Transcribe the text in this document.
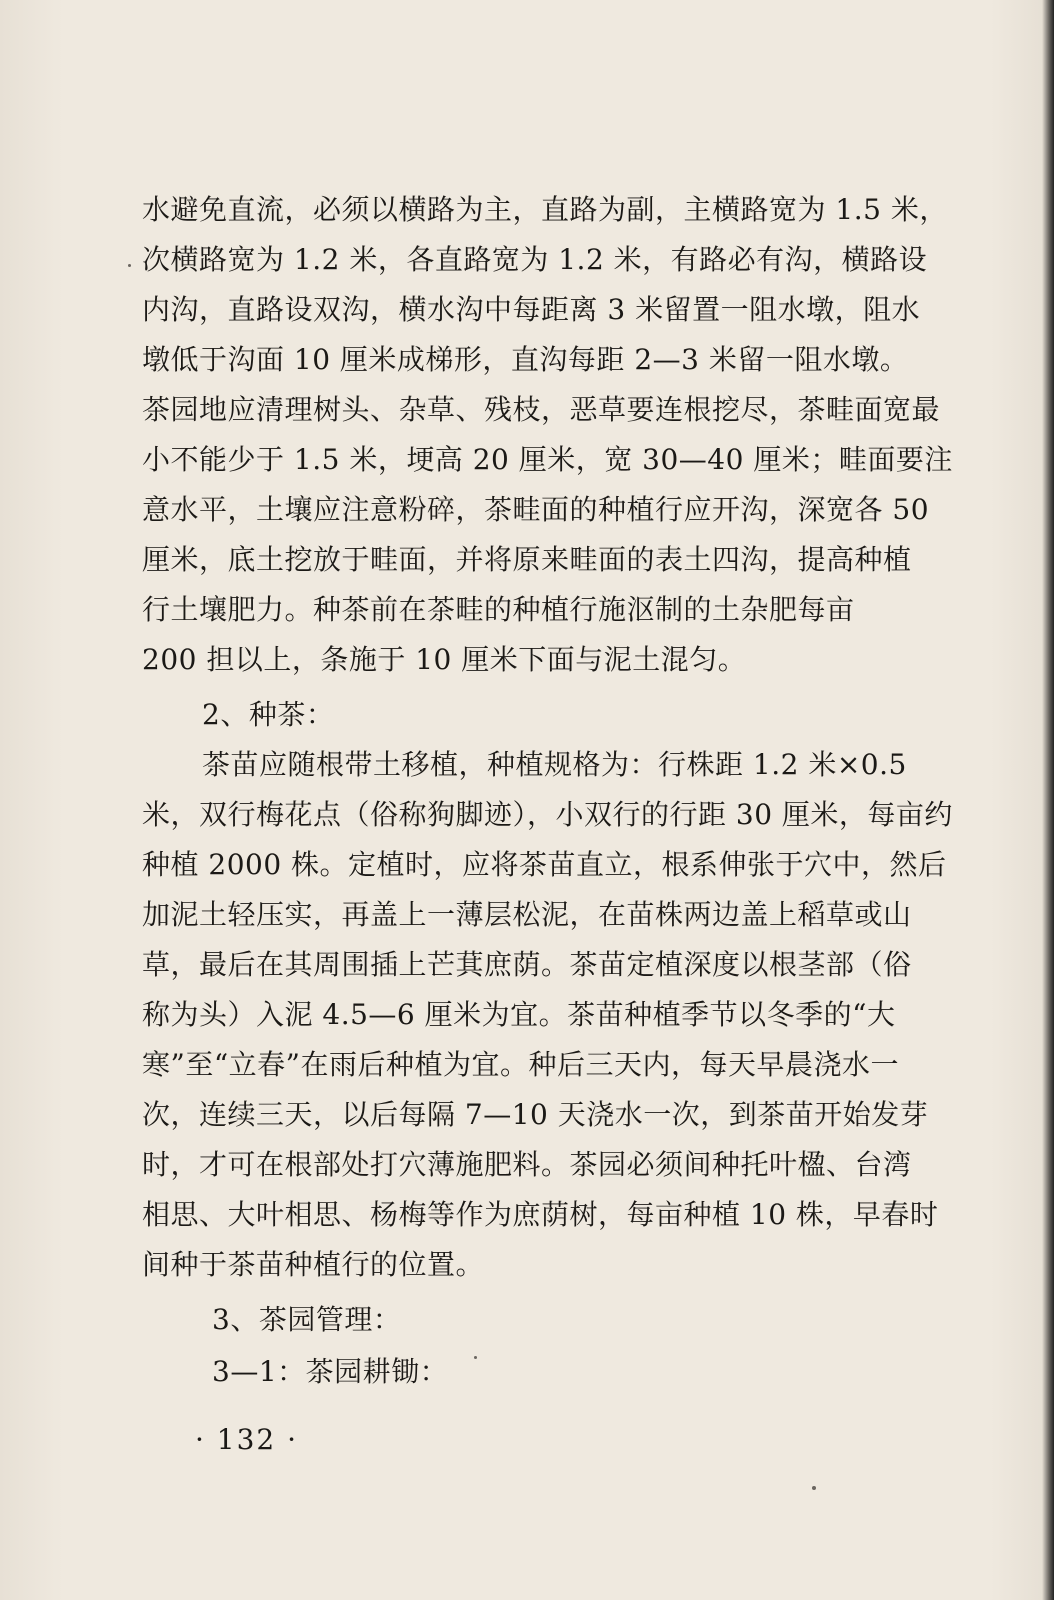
水避免直流，必须以横路为主，直路为副，主横路宽为 1.5 米，
次横路宽为 1.2 米，各直路宽为 1.2 米，有路必有沟，横路设
内沟，直路设双沟，横水沟中每距离 3 米留置一阻水墩，阻水
墩低于沟面 10 厘米成梯形，直沟每距 2—3 米留一阻水墩。
茶园地应清理树头、杂草、残枝，恶草要连根挖尽，茶畦面宽最
小不能少于 1.5 米，埂高 20 厘米，宽 30—40 厘米；畦面要注
意水平，土壤应注意粉碎，茶畦面的种植行应开沟，深宽各 50
厘米，底土挖放于畦面，并将原来畦面的表土四沟，提高种植
行土壤肥力。种茶前在茶畦的种植行施沤制的土杂肥每亩
200 担以上，条施于 10 厘米下面与泥土混匀。
2、种茶：
茶苗应随根带土移植，种植规格为：行株距 1.2 米×0.5
米，双行梅花点（俗称狗脚迹），小双行的行距 30 厘米，每亩约
种植 2000 株。定植时，应将茶苗直立，根系伸张于穴中，然后
加泥土轻压实，再盖上一薄层松泥，在苗株两边盖上稻草或山
草，最后在其周围插上芒萁庶荫。茶苗定植深度以根茎部（俗
称为头）入泥 4.5—6 厘米为宜。茶苗种植季节以冬季的“大
寒”至“立春”在雨后种植为宜。种后三天内，每天早晨浇水一
次，连续三天，以后每隔 7—10 天浇水一次，到茶苗开始发芽
时，才可在根部处打穴薄施肥料。茶园必须间种托叶楹、台湾
相思、大叶相思、杨梅等作为庶荫树，每亩种植 10 株，早春时
间种于茶苗种植行的位置。
3、茶园管理：
3—1：茶园耕锄：
· 132 ·
